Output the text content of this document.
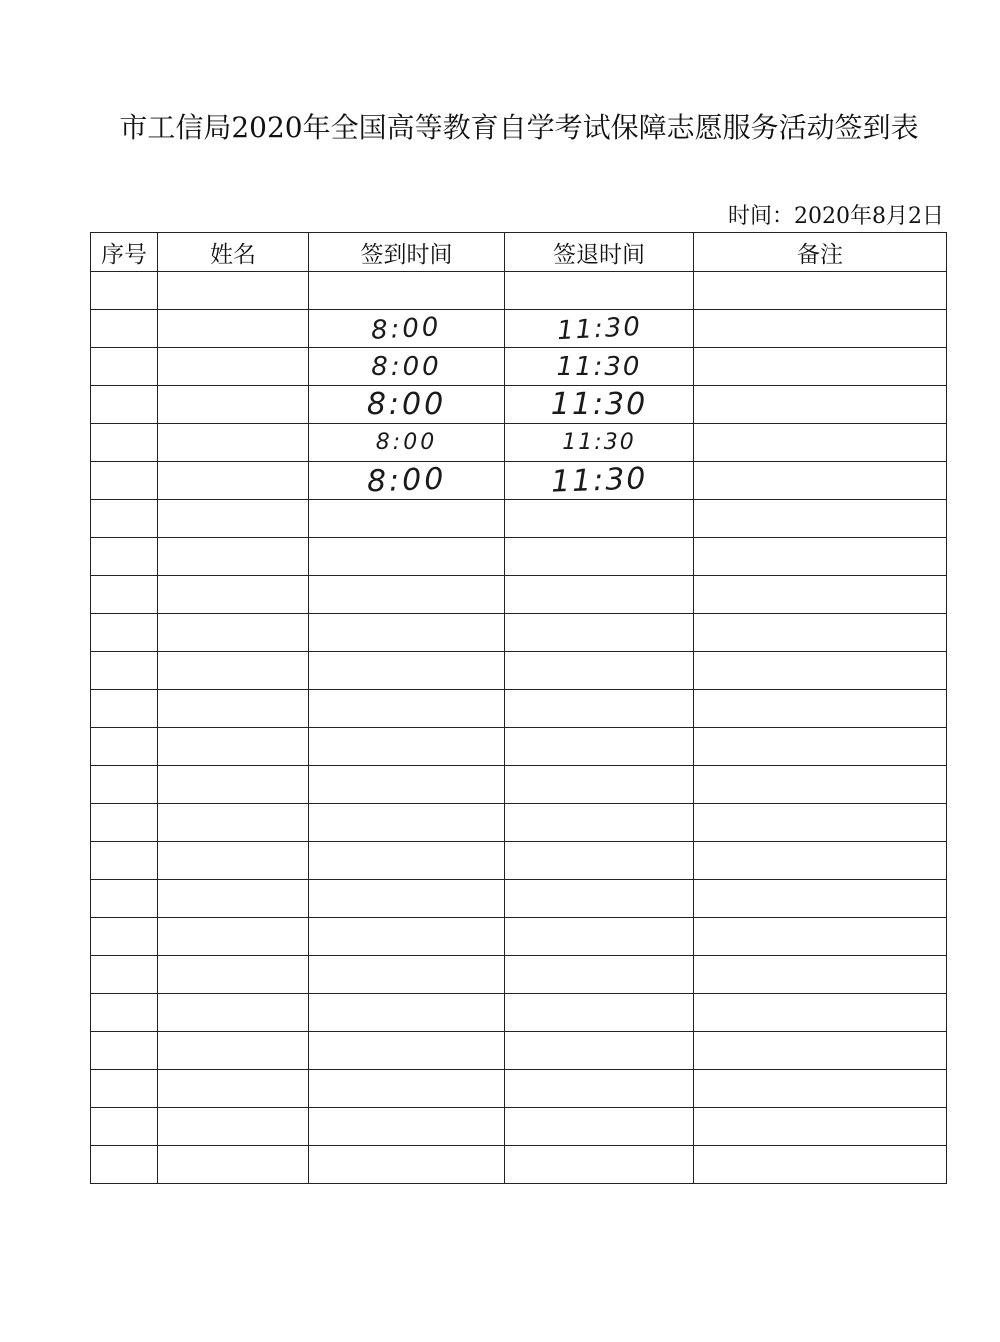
市工信局2020年全国高等教育自学考试保障志愿服务活动签到表
时间：2020年8月2日
序号	姓名	签到时间	签退时间	备注

		8:00	11:30	
		8:00	11:30	
		8:00	11:30	
		8:00	11:30	
		8:00	11:30	
